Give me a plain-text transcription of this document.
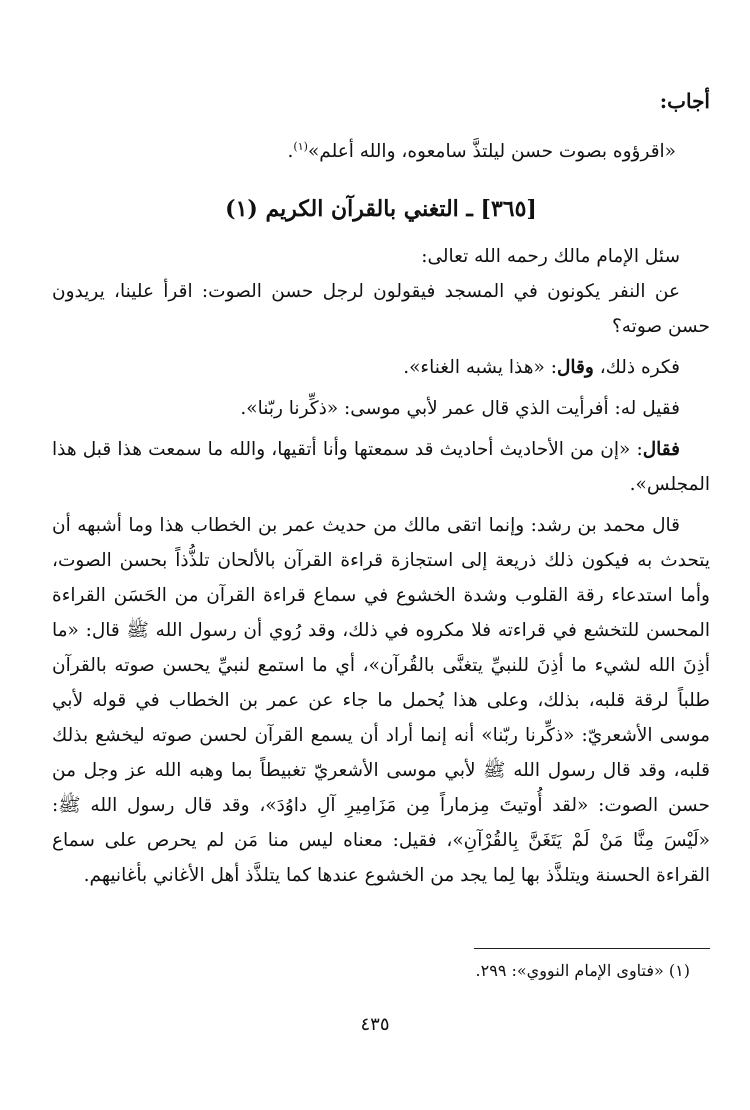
أجاب:

«اقرؤوه بصوت حسن ليلتذَّ سامعوه، والله أعلم»$^{(١)}$.

[٣٦٥] ـ التغني بالقرآن الكريم (١)

سئل الإمام مالك رحمه الله تعالى:

عن النفر يكونون في المسجد فيقولون لرجل حسن الصوت: اقرأ علينا، يريدون حسن صوته؟

فكره ذلك، وقال: «هذا يشبه الغناء».

فقيل له: أفرأيت الذي قال عمر لأبي موسى: «ذكِّرنا ربّنا».

فقال: «إن من الأحاديث أحاديث قد سمعتها وأنا أتقيها، والله ما سمعت هذا قبل هذا المجلس».

قال محمد بن رشد: وإنما اتقى مالك من حديث عمر بن الخطاب هذا وما أشبهه أن يتحدث به فيكون ذلك ذريعة إلى استجازة قراءة القرآن بالألحان تلذُّذاً بحسن الصوت، وأما استدعاء رقة القلوب وشدة الخشوع في سماع قراءة القرآن من الحَسَن القراءة المحسن للتخشع في قراءته فلا مكروه في ذلك، وقد رُوي أن رسول الله ﷺ قال: «ما أذِنَ الله لشيء ما أذِنَ للنبيِّ يتغنَّى بالقُرآن»، أي ما استمع لنبيِّ يحسن صوته بالقرآن طلباً لرقة قلبه، بذلك، وعلى هذا يُحمل ما جاء عن عمر بن الخطاب في قوله لأبي موسى الأشعريّ: «ذكِّرنا ربّنا» أنه إنما أراد أن يسمع القرآن لحسن صوته ليخشع بذلك قلبه، وقد قال رسول الله ﷺ لأبي موسى الأشعريّ تغبيطاً بما وهبه الله عز وجل من حسن الصوت: «لقد أُوتيتَ مِزماراً مِن مَزَامِيرِ آلِ داوُدَ»، وقد قال رسول الله ﷺ: «لَيْسَ مِنَّا مَنْ لَمْ يَتَغَنَّ بِالقُرْآنِ»، فقيل: معناه ليس منا مَن لم يحرص على سماع القراءة الحسنة ويتلذَّذ بها لِما يجد من الخشوع عندها كما يتلذَّذ أهل الأغاني بأغانيهم.

(١) «فتاوى الإمام النووي»: ٢٩٩.
٤٣٥
